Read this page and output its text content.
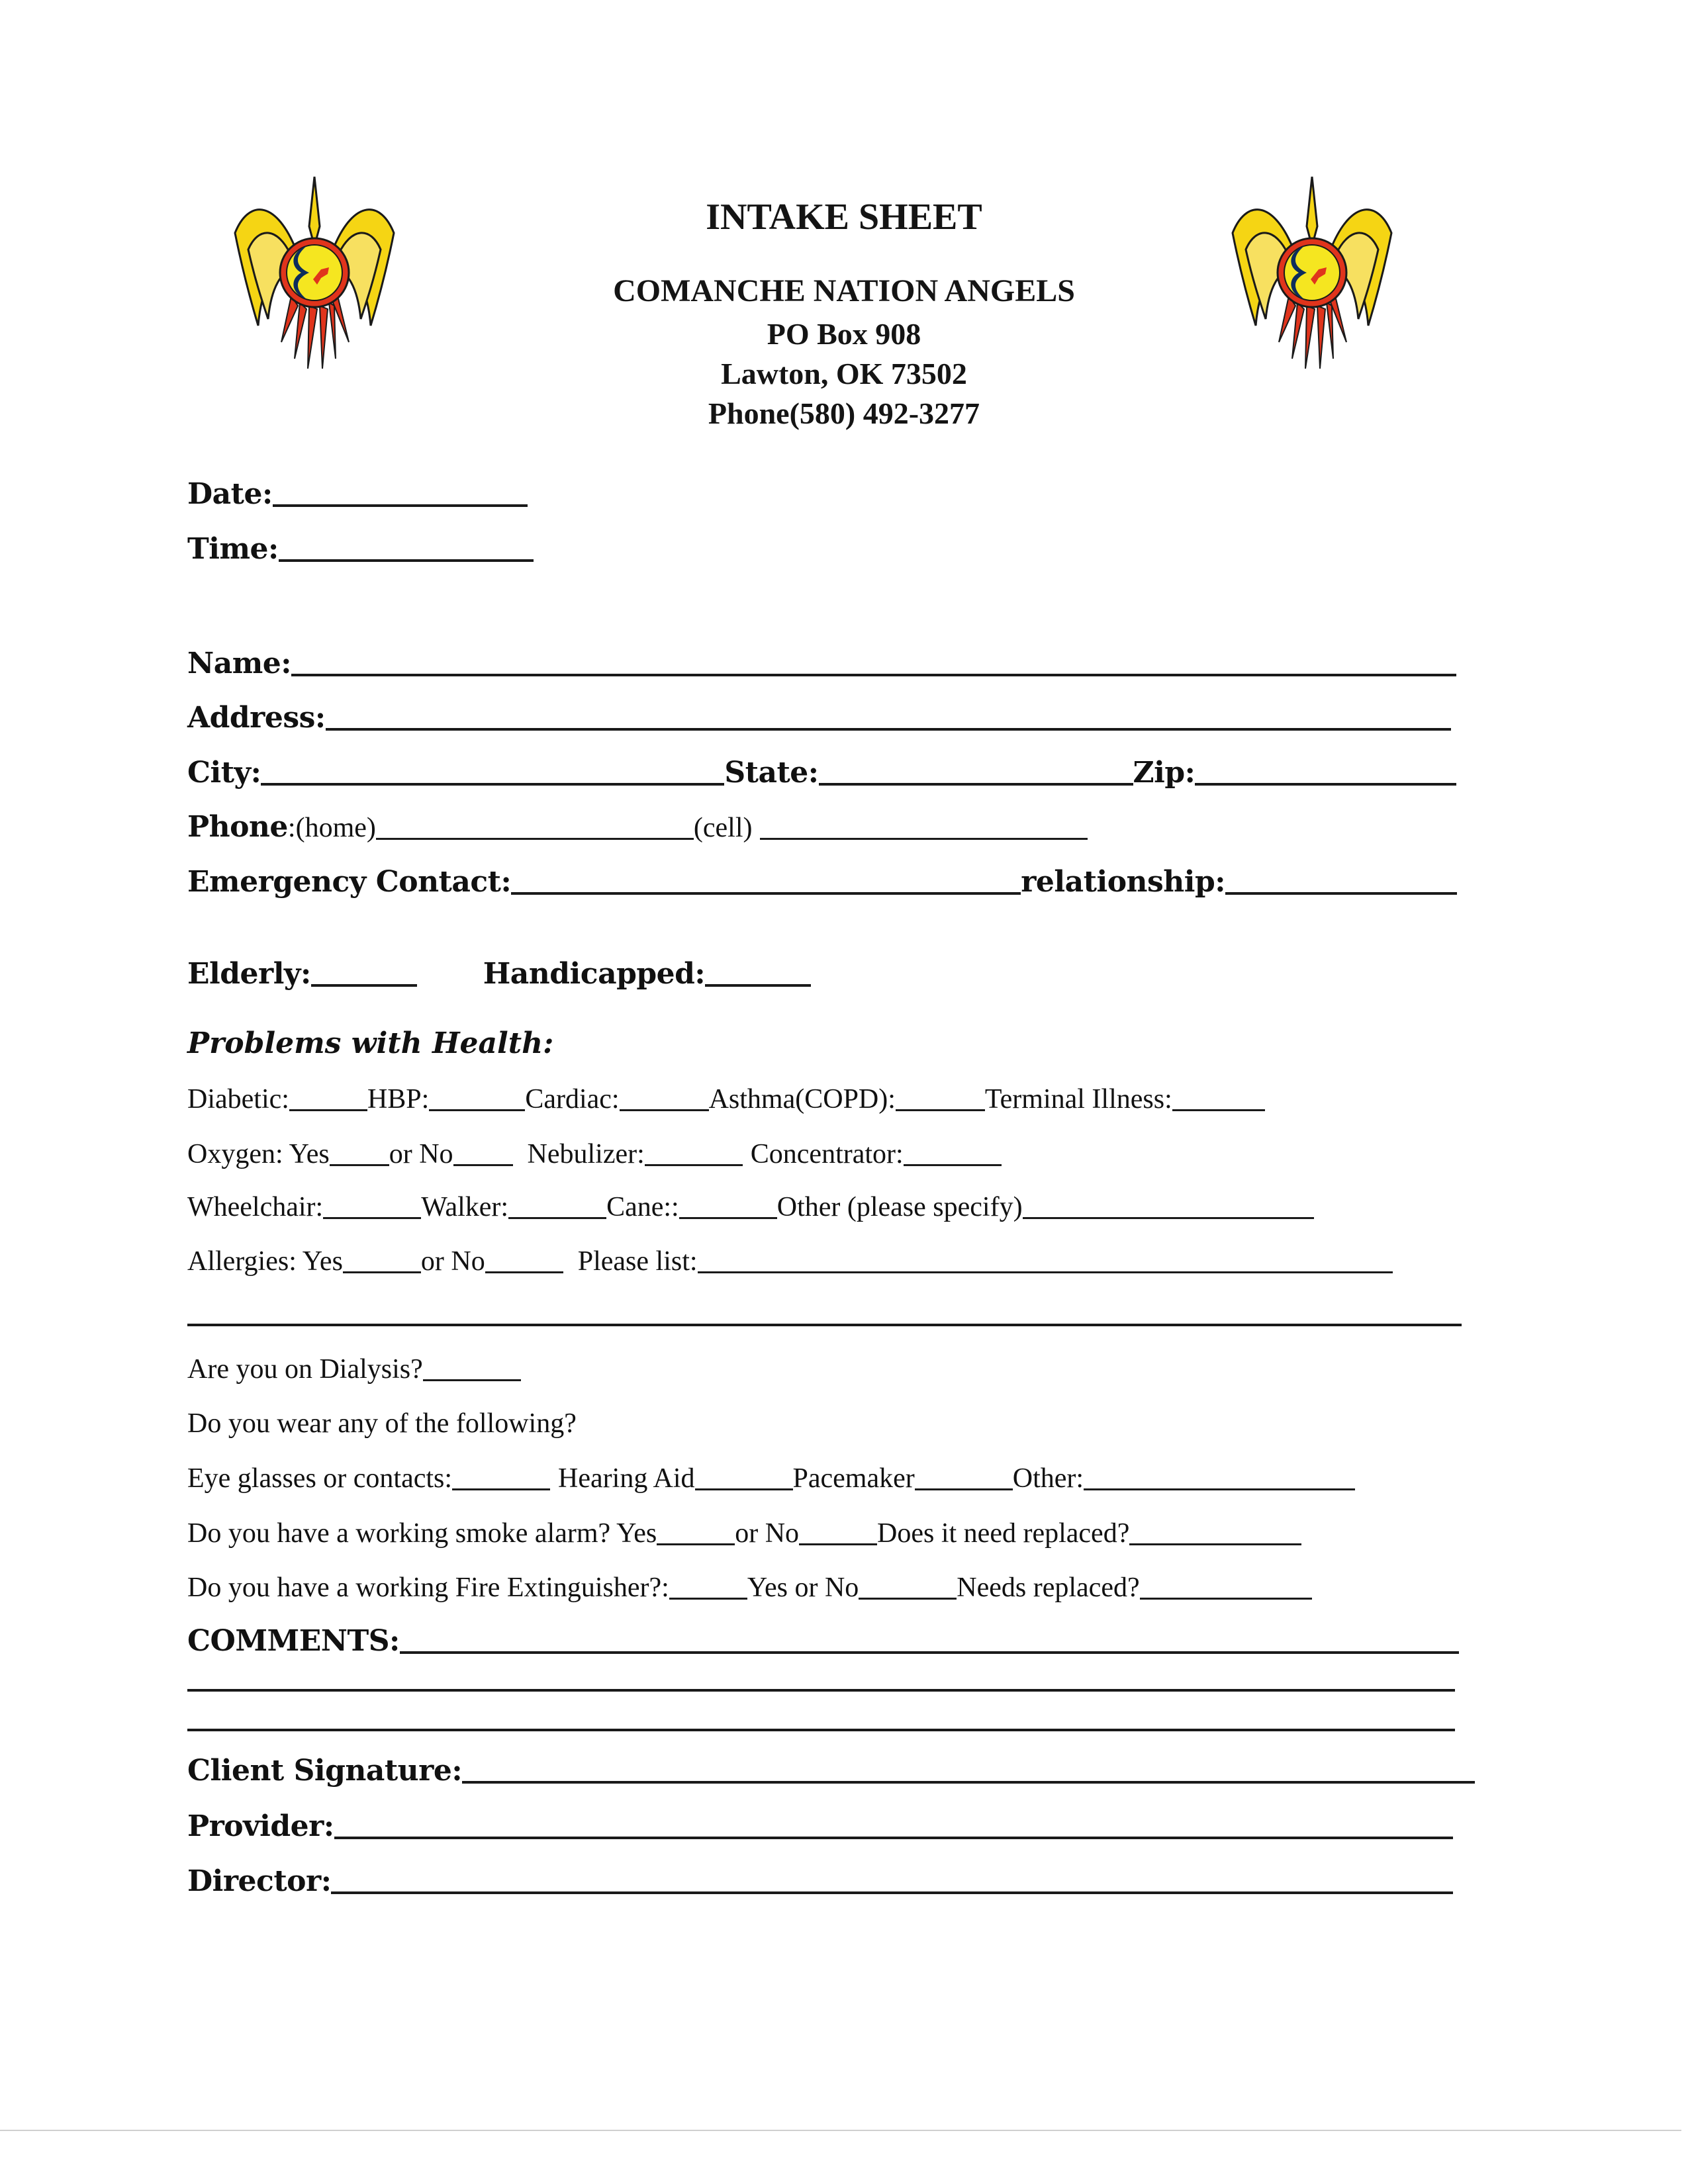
INTAKE SHEET
COMANCHE NATION ANGELS
PO Box 908
Lawton, OK 73502
Phone(580) 492-3277
Date:
Time:
Name:
Address:
City:	State:	Zip:
Phone : (home)	(cell)
Emergency Contact:	relationship:
Elderly:	Handicapped:
Problems with Health:
Diabetic:	HBP:	Cardiac:	Asthma(COPD):	Terminal Illness:
Oxygen: Yes or No	Nebulizer:	Concentrator:
Wheelchair:	Walker:	Cane::	Other (please specify)
Allergies: Yes	or No	Please list:
Are you on Dialysis?
Do you wear any of the following?
Eye glasses or contacts:	Hearing Aid	Pacemaker	Other:
Do you have a working smoke alarm? Yes	or No	Does it need replaced?
Do you have a working Fire Extinguisher?:	Yes or No	Needs replaced?
COMMENTS:
Client Signature:
Provider:
Director:
